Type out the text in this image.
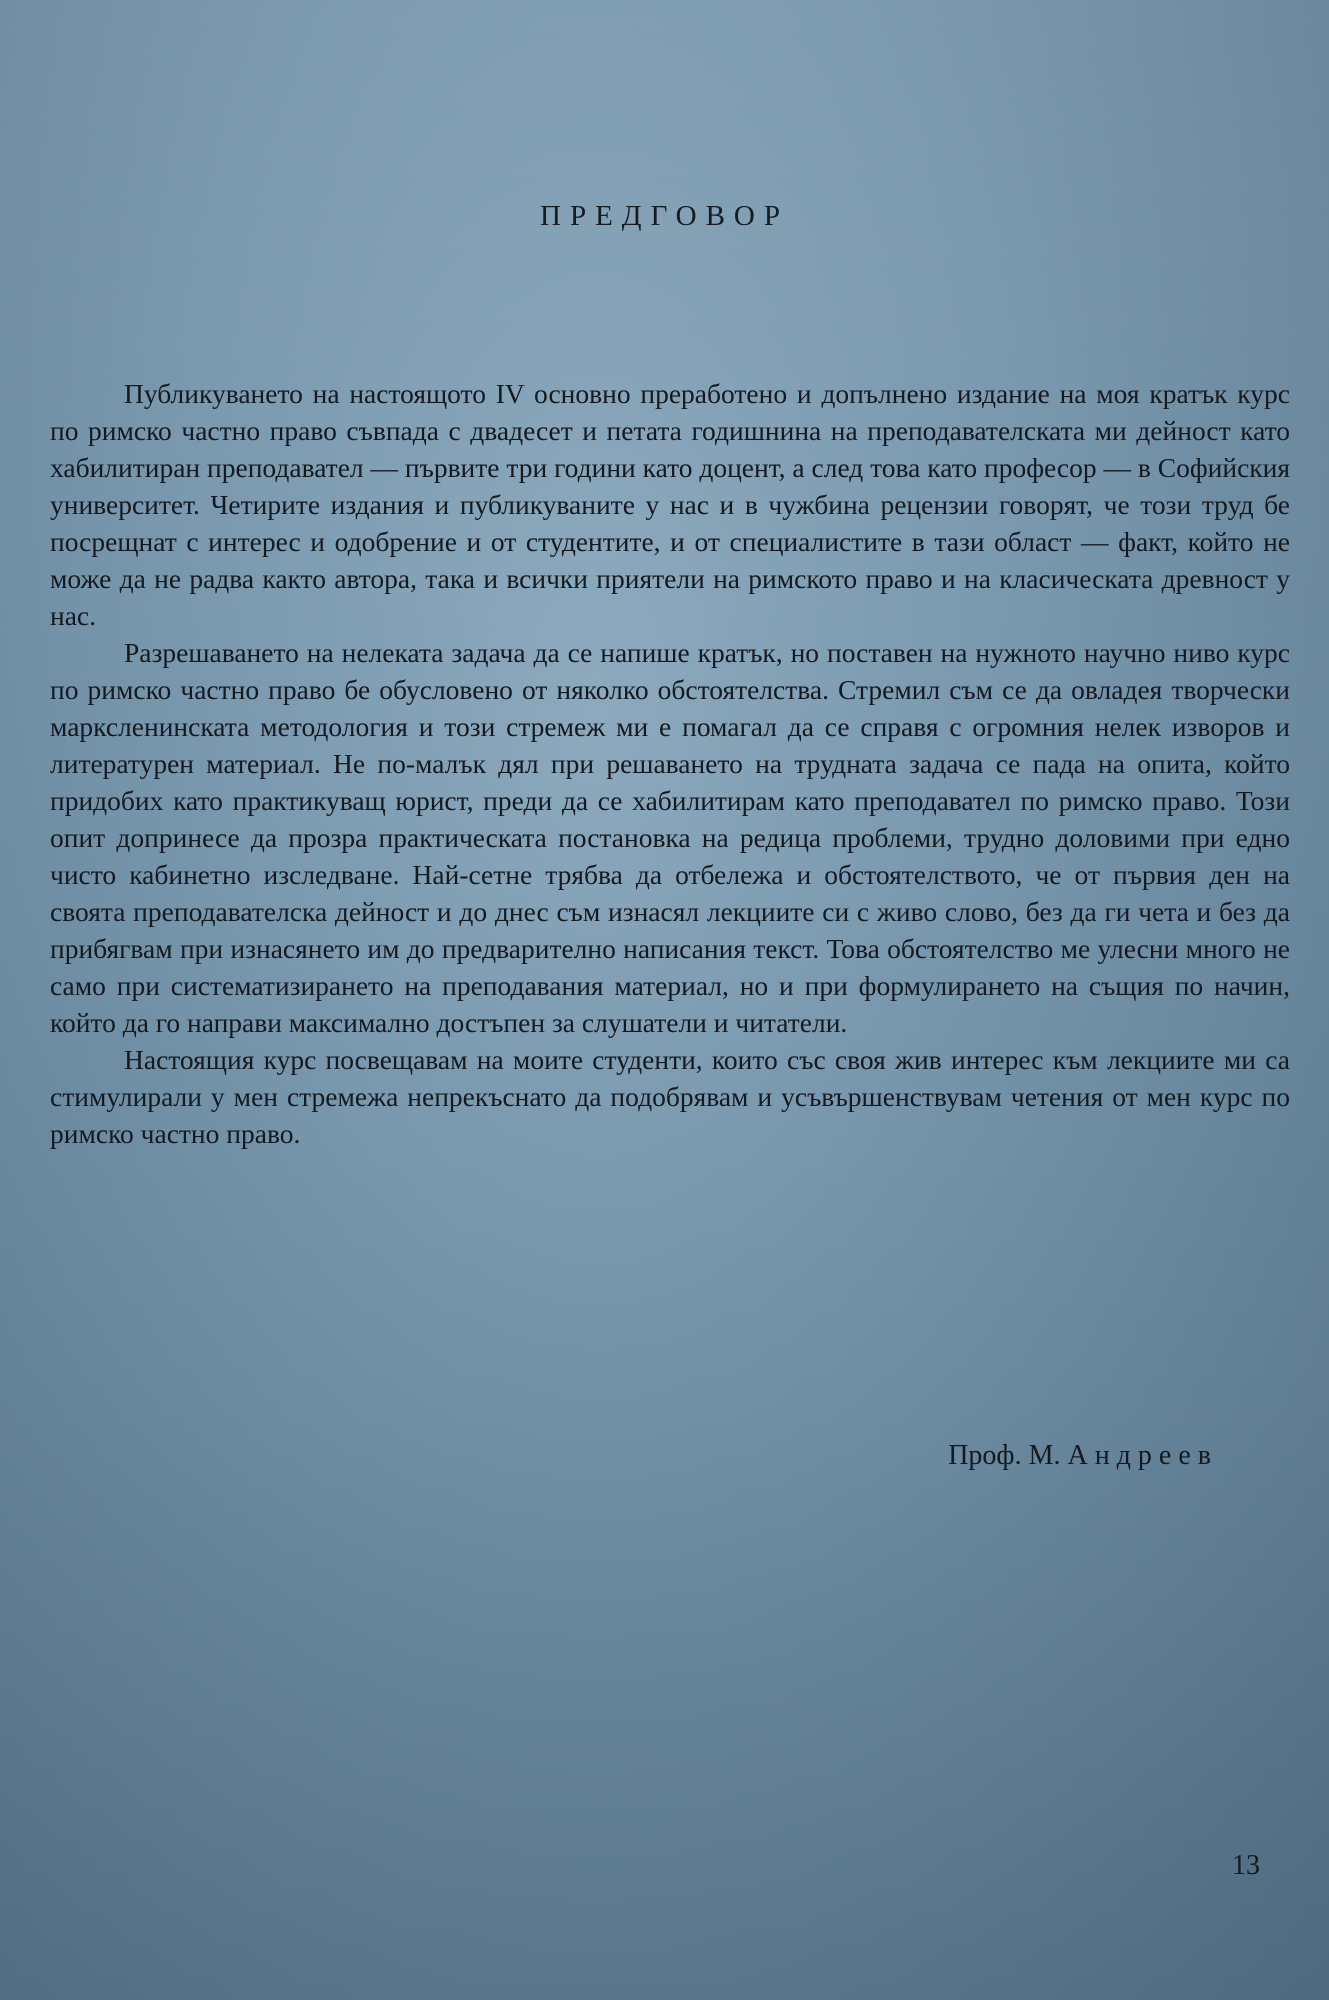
ПРЕДГОВОР

Публикуването на настоящото IV основно преработено и допълнено издание на моя кратък курс по римско частно право съвпада с двадесет и петата годишнина на преподавателската ми дейност като хабилитиран преподавател — първите три години като доцент, а след това като професор — в Софийския университет. Четирите издания и публикуваните у нас и в чужбина рецензии говорят, че този труд бе посрещнат с интерес и одобрение и от студентите, и от специалистите в тази област — факт, който не може да не радва както автора, така и всички приятели на римското право и на класическата древност у нас.

Разрешаването на нелеката задача да се напише кратък, но поставен на нужното научно ниво курс по римско частно право бе обусловено от няколко обстоятелства. Стремил съм се да овладея творчески марксленинската методология и този стремеж ми е помагал да се справя с огромния нелек изворов и литературен материал. Не по-малък дял при решаването на трудната задача се пада на опита, който придобих като практикуващ юрист, преди да се хабилитирам като преподавател по римско право. Този опит допринесе да прозра практическата постановка на редица проблеми, трудно доловими при едно чисто кабинетно изследване. Най-сетне трябва да отбележа и обстоятелството, че от първия ден на своята преподавателска дейност и до днес съм изнасял лекциите си с живо слово, без да ги чета и без да прибягвам при изнасянето им до предварително написания текст. Това обстоятелство ме улесни много не само при систематизирането на преподавания материал, но и при формулирането на същия по начин, който да го направи максимално достъпен за слушатели и читатели.

Настоящия курс посвещавам на моите студенти, които със своя жив интерес към лекциите ми са стимулирали у мен стремежа непрекъснато да подобрявам и усъвършенствувам четения от мен курс по римско частно право.

Проф. М. Андреев
13
